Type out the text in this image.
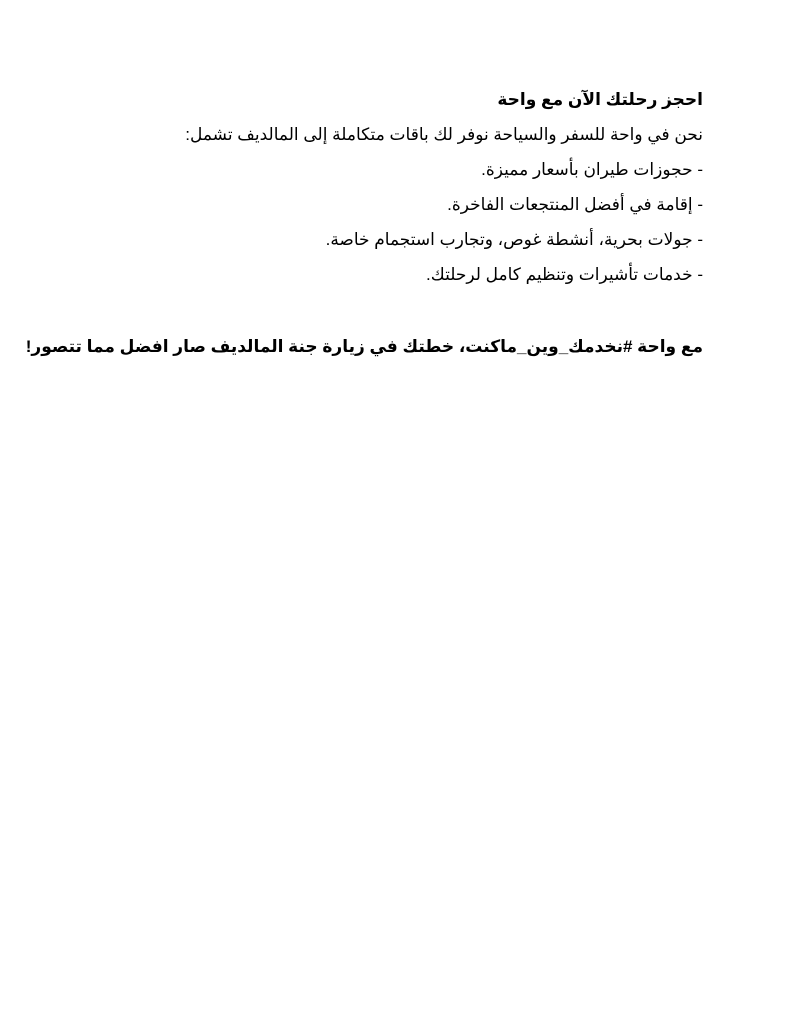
احجز رحلتك الآن مع واحة
نحن في واحة للسفر والسياحة نوفر لك باقات متكاملة إلى المالديف تشمل:
- حجوزات طيران بأسعار مميزة.
- إقامة في أفضل المنتجعات الفاخرة.
- جولات بحرية، أنشطة غوص، وتجارب استجمام خاصة.
- خدمات تأشيرات وتنظيم كامل لرحلتك.
مع واحة #نخدمك_وين_ماكنت، خطتك في زيارة جنة المالديف صار افضل مما تتصور!
